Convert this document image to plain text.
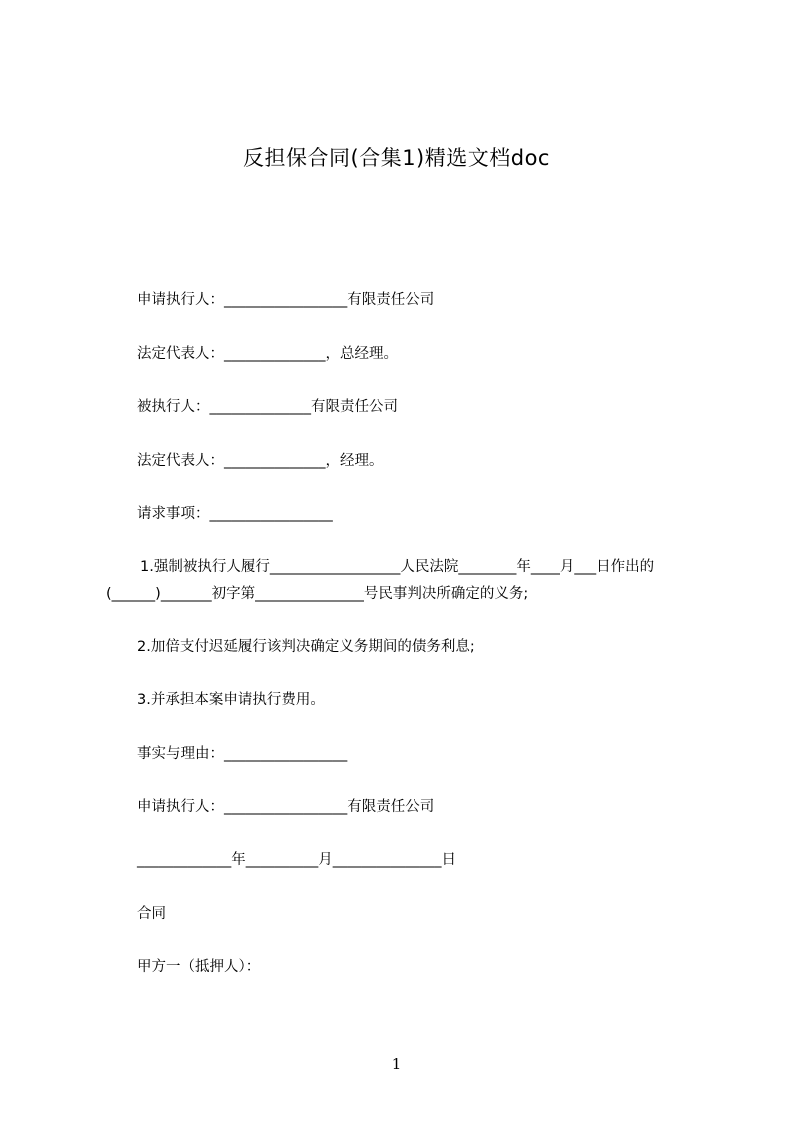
反担保合同(合集1)精选文档doc
申请执行人：_________________有限责任公司
法定代表人：______________，总经理。
被执行人：______________有限责任公司
法定代表人：______________，经理。
请求事项：_________________
1.强制被执行人履行__________________人民法院________年____月___日作出的
(______)_______初字第_______________号民事判决所确定的义务;
2.加倍支付迟延履行该判决确定义务期间的债务利息;
3.并承担本案申请执行费用。
事实与理由：_________________
申请执行人：_________________有限责任公司
_____________年__________月_______________日
合同
甲方一（抵押人）：
1
